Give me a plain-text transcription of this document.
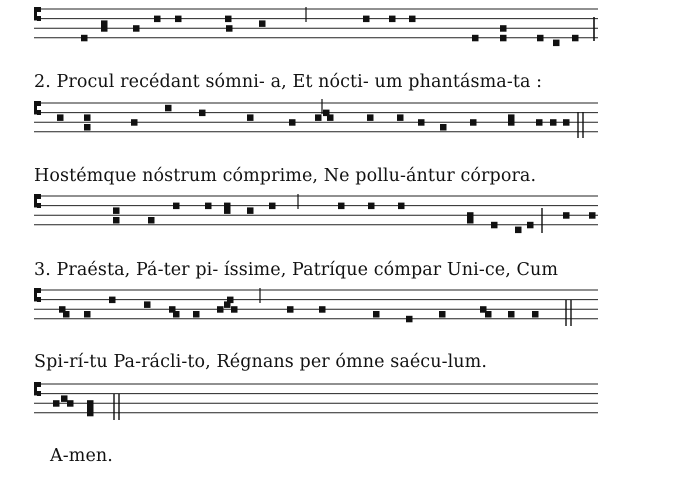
2. Procul recédant sómni- a, Et nócti- um phantásma-ta :
Hostémque nóstrum cómprime, Ne pollu-ántur córpora.
3. Praésta, Pá-ter pi- íssime, Patríque cómpar Uni-ce, Cum
Spi-rí-tu Pa-rácli-to, Régnans per ómne saécu-lum.
A-men.
